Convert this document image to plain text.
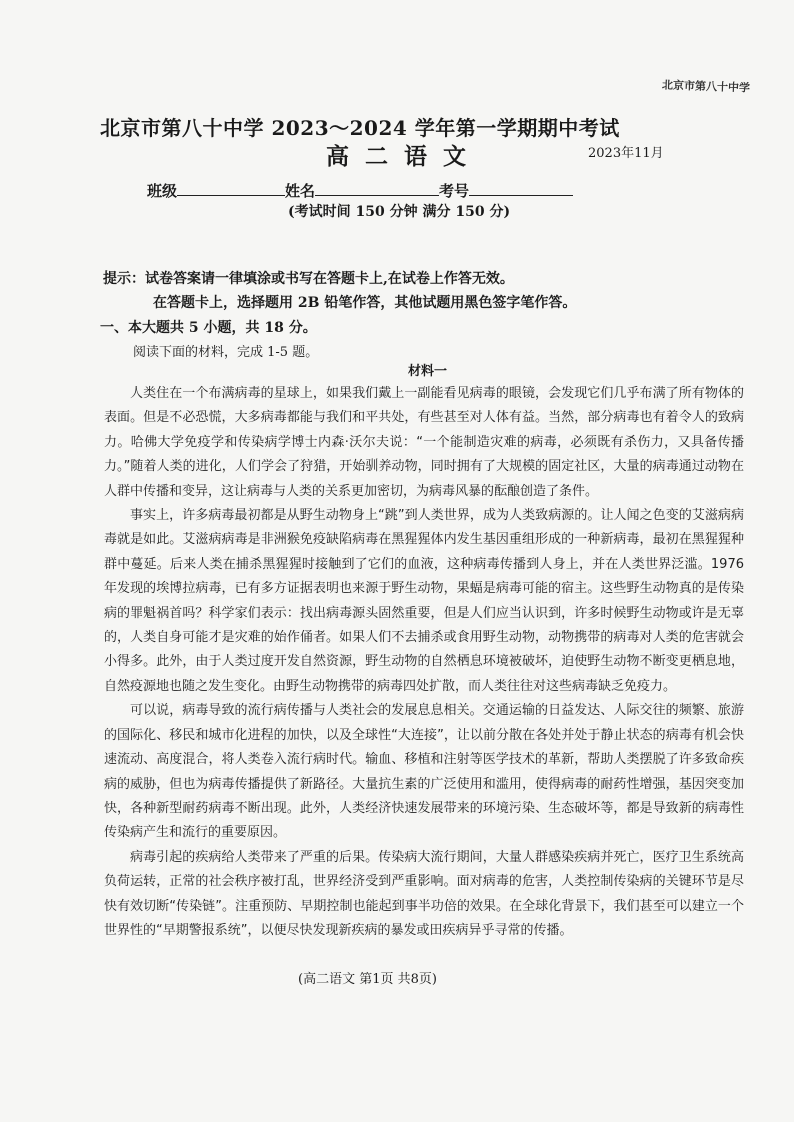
北京市第八十中学
北京市第八十中学 2023～2024 学年第一学期期中考试
高二语文	2023年11月
班级	姓名	考号
(考试时间 150 分钟 满分 150 分)
提示：试卷答案请一律填涂或书写在答题卡上,在试卷上作答无效。
在答题卡上，选择题用 2B 铅笔作答，其他试题用黑色签字笔作答。
一、本大题共 5 小题，共 18 分。
阅读下面的材料，完成 1-5 题。
材料一

人类住在一个布满病毒的星球上，如果我们戴上一副能看见病毒的眼镜，会发现它们几乎布满了所有物体的表面。但是不必恐慌，大多病毒都能与我们和平共处，有些甚至对人体有益。当然，部分病毒也有着令人的致病力。哈佛大学免疫学和传染病学博士内森·沃尔夫说：“一个能制造灾难的病毒，必须既有杀伤力，又具备传播力。”随着人类的进化，人们学会了狩猎，开始驯养动物，同时拥有了大规模的固定社区，大量的病毒通过动物在人群中传播和变异，这让病毒与人类的关系更加密切，为病毒风暴的酝酿创造了条件。

事实上，许多病毒最初都是从野生动物身上“跳”到人类世界，成为人类致病源的。让人闻之色变的艾滋病病毒就是如此。艾滋病病毒是非洲猴免疫缺陷病毒在黑猩猩体内发生基因重组形成的一种新病毒，最初在黑猩猩种群中蔓延。后来人类在捕杀黑猩猩时接触到了它们的血液，这种病毒传播到人身上，并在人类世界泛滥。1976年发现的埃博拉病毒，已有多方证据表明也来源于野生动物，果蝠是病毒可能的宿主。这些野生动物真的是传染病的罪魁祸首吗？科学家们表示：找出病毒源头固然重要，但是人们应当认识到，许多时候野生动物或许是无辜的，人类自身可能才是灾难的始作俑者。如果人们不去捕杀或食用野生动物，动物携带的病毒对人类的危害就会小得多。此外，由于人类过度开发自然资源，野生动物的自然栖息环境被破坏，迫使野生动物不断变更栖息地，自然疫源地也随之发生变化。由野生动物携带的病毒四处扩散，而人类往往对这些病毒缺乏免疫力。

可以说，病毒导致的流行病传播与人类社会的发展息息相关。交通运输的日益发达、人际交往的频繁、旅游的国际化、移民和城市化进程的加快，以及全球性“大连接”，让以前分散在各处并处于静止状态的病毒有机会快速流动、高度混合，将人类卷入流行病时代。输血、移植和注射等医学技术的革新，帮助人类摆脱了许多致命疾病的威胁，但也为病毒传播提供了新路径。大量抗生素的广泛使用和滥用，使得病毒的耐药性增强，基因突变加快，各种新型耐药病毒不断出现。此外，人类经济快速发展带来的环境污染、生态破坏等，都是导致新的病毒性传染病产生和流行的重要原因。

病毒引起的疾病给人类带来了严重的后果。传染病大流行期间，大量人群感染疾病并死亡，医疗卫生系统高负荷运转，正常的社会秩序被打乱，世界经济受到严重影响。面对病毒的危害，人类控制传染病的关键环节是尽快有效切断“传染链”。注重预防、早期控制也能起到事半功倍的效果。在全球化背景下，我们甚至可以建立一个世界性的“早期警报系统”，以便尽快发现新疾病的暴发或田疾病异乎寻常的传播。

(高二语文 第1页 共8页)
